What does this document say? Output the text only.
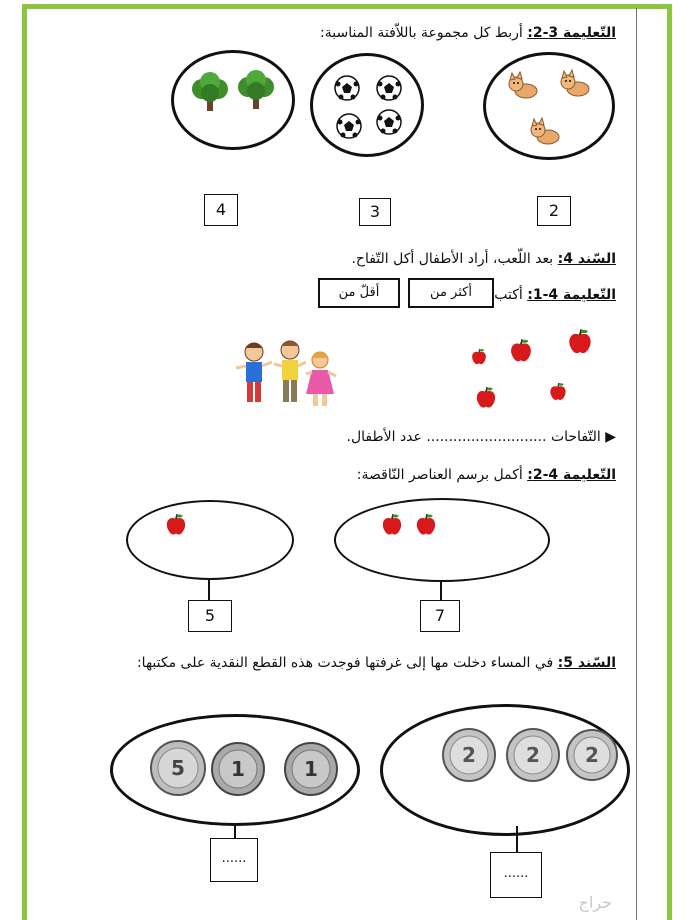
التّعليمة 3-2: أربط كل مجموعة باللاّفتة المناسبة:
4	3	2
السّند 4: بعد اللّعب، أراد الأطفال أكل التّفاح.
التّعليمة 4-1: أكتب
أكثر من
أقلّ من
▶ التّفاحات ........................... عدد الأطفال.
التّعليمة 4-2: أكمل برسم العناصر النّاقصة:
5	7
السّند 5: في المساء دخلت مها إلى غرفتها فوجدت هذه القطع النقدية على مكتبها:
5	1	1
2	2	2
......
......
حراج
